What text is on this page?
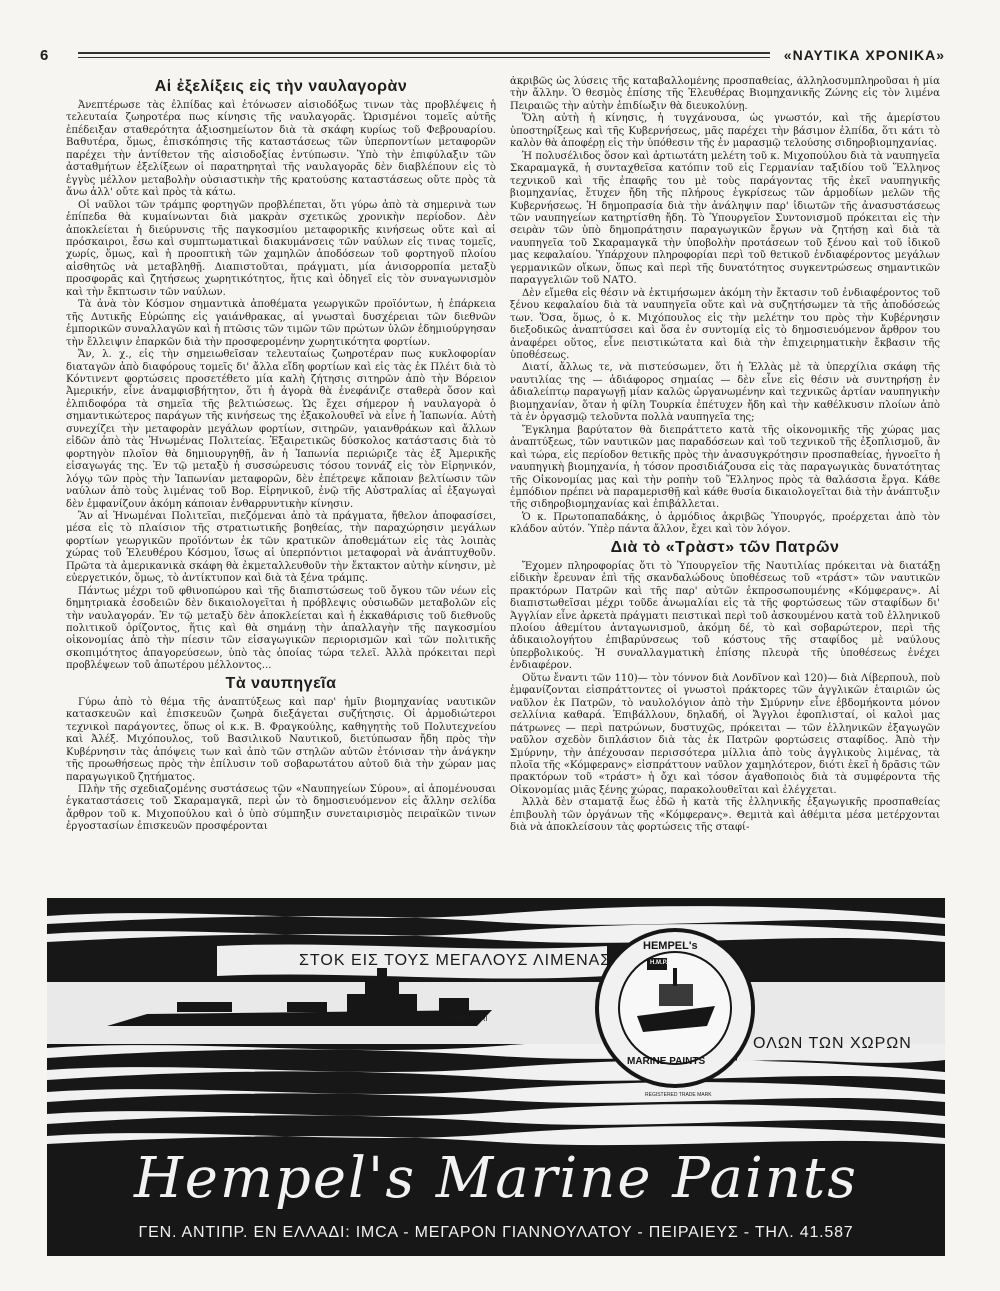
6	«ΝΑΥΤΙΚΑ ΧΡΟΝΙΚΑ»
Αἱ ἐξελίξεις εἰς τὴν ναυλαγορὰν

Ἀνεπτέρωσε τὰς ἐλπίδας καὶ ἐτόνωσεν αἰσιοδόξως τινων τὰς προβλέψεις ἡ τελευταία ζωηροτέρα πως κίνησις τῆς ναυλαγορᾶς. Ὡρισμένοι τομεῖς αὐτῆς ἐπέδειξαν σταθερότητα ἀξιοσημείωτον διὰ τὰ σκάφη κυρίως τοῦ Φεβρουαρίου. Βαθυτέρα, ὅμως, ἐπισκόπησις τῆς καταστάσεως τῶν ὑπερποντίων μεταφορῶν παρέχει τὴν ἀντίθετον τῆς αἰσιοδοξίας ἐντύπωσιν. Ὑπὸ τὴν ἐπιφύλαξιν τῶν ἀσταθμήτων ἐξελίξεων οἱ παρατηρηταὶ τῆς ναυλαγορᾶς δὲν διαβλέπουν εἰς τὸ ἐγγὺς μέλλον μεταβολὴν οὐσιαστικὴν τῆς κρατούσης καταστάσεως οὔτε πρὸς τὰ ἄνω ἀλλ' οὔτε καὶ πρὸς τὰ κάτω.

Οἱ ναῦλοι τῶν τράμπς φορτηγῶν προβλέπεται, ὅτι γύρω ἀπὸ τὰ σημερινὰ των ἐπίπεδα θὰ κυμαίνωνται διὰ μακρὰν σχετικῶς χρονικὴν περίοδον. Δὲν ἀποκλείεται ἡ διεύρυνσις τῆς παγκοσμίου μεταφορικῆς κινήσεως οὔτε καὶ αἱ πρόσκαιροι, ἔσω καὶ συμπτωματικαὶ διακυμάνσεις τῶν ναύλων εἰς τινας τομεῖς, χωρίς, ὅμως, καὶ ἡ προοπτικὴ τῶν χαμηλῶν ἀποδόσεων τοῦ φορτηγοῦ πλοίου αἰσθητῶς νὰ μεταβληθῇ. Διαπιστοῦται, πράγματι, μία ἀνισορροπία μεταξὺ προσφορᾶς καὶ ζητήσεως χωρητικότητος, ἥτις καὶ ὁδηγεῖ εἰς τὸν συναγωνισμὸν καὶ τὴν ἔκπτωσιν τῶν ναύλων.

Τὰ ἀνὰ τὸν Κόσμον σημαντικὰ ἀποθέματα γεωργικῶν προϊόντων, ἡ ἐπάρκεια τῆς Δυτικῆς Εὐρώπης εἰς γαιάνθρακας, αἱ γνωσταὶ δυσχέρειαι τῶν διεθνῶν ἐμπορικῶν συναλλαγῶν καὶ ἡ πτῶσις τῶν τιμῶν τῶν πρώτων ὑλῶν ἐδημιούργησαν τὴν ἔλλειψιν ἐπαρκῶν διὰ τὴν προσφερομένην χωρητικότητα φορτίων.

Ἄν, λ. χ., εἰς τὴν σημειωθεῖσαν τελευταίως ζωηροτέραν πως κυκλοφορίαν διαταγῶν ἀπὸ διαφόρους τομεῖς δι' ἄλλα εἴδη φορτίων καὶ εἰς τὰς ἐκ Πλέιτ διὰ τὸ Κόντινεντ φορτώσεις προσετέθετο μία καλὴ ζήτησις σιτηρῶν ἀπὸ τὴν Βόρειον Ἀμερικήν, εἶνε ἀναμφισβήτητον, ὅτι ἡ ἀγορὰ θὰ ἐνεφάνιζε σταθερὰ ὅσον καὶ ἐλπιδοφόρα τὰ σημεῖα τῆς βελτιώσεως. Ὡς ἔχει σήμερον ἡ ναυλαγορὰ ὁ σημαντικώτερος παράγων τῆς κινήσεως της ἐξακολουθεῖ νὰ εἶνε ἡ Ἰαπωνία. Αὐτὴ συνεχίζει τὴν μεταφορὰν μεγάλων φορτίων, σιτηρῶν, γαιανθράκων καὶ ἄλλων εἰδῶν ἀπὸ τὰς Ἡνωμένας Πολιτείας. Ἐξαιρετικῶς δύσκολος κατάστασις διὰ τὸ φορτηγὸν πλοῖον θὰ δημιουργηθῇ, ἂν ἡ Ἰαπωνία περιώριζε τὰς ἐξ Ἀμερικῆς εἰσαγωγάς της. Ἐν τῷ μεταξὺ ἡ συσσώρευσις τόσου τοννάζ εἰς τὸν Εἰρηνικόν, λόγῳ τῶν πρὸς τὴν Ἰαπωνίαν μεταφορῶν, δὲν ἐπέτρεψε κἄποιαν βελτίωσιν τῶν ναύλων ἀπὸ τοὺς λιμένας τοῦ Βορ. Εἰρηνικοῦ, ἐνῷ τῆς Αὐστραλίας αἱ ἐξαγωγαὶ δὲν ἐμφανίζουν ἀκόμη κάποιαν ἐνθαρρυντικὴν κίνησιν.

Ἂν αἱ Ἡνωμέναι Πολιτεῖαι, πιεζόμεναι ἀπὸ τὰ πράγματα, ἤθελον ἀποφασίσει, μέσα εἰς τὸ πλαίσιον τῆς στρατιωτικῆς βοηθείας, τὴν παραχώρησιν μεγάλων φορτίων γεωργικῶν προϊόντων ἐκ τῶν κρατικῶν ἀποθεμάτων εἰς τὰς λοιπὰς χώρας τοῦ Ἐλευθέρου Κόσμου, ἴσως αἱ ὑπερπόντιοι μεταφοραὶ νὰ ἀνάπτυχθοῦν. Πρῶτα τὰ ἀμερικανικὰ σκάφη θὰ ἐκμεταλλευθοῦν τὴν ἔκτακτον αὐτὴν κίνησιν, μὲ εὐεργετικόν, ὅμως, τὸ ἀντίκτυπον καὶ διὰ τὰ ξένα τράμπς.

Πάντως μέχρι τοῦ φθινοπώρου καὶ τῆς διαπιστώσεως τοῦ ὄγκου τῶν νέων εἰς δημητριακὰ ἐσοδειῶν δὲν δικαιολογεῖται ἡ πρόβλεψις οὐσιωδῶν μεταβολῶν εἰς τὴν ναυλαγοράν. Ἐν τῷ μεταξὺ δὲν ἀποκλείεται καὶ ἡ ἐκκαθάρισις τοῦ διεθνοῦς πολιτικοῦ ὁρίζοντος, ἥτις καὶ θὰ σημάνῃ τὴν ἀπαλλαγὴν τῆς παγκοσμίου οἰκονομίας ἀπὸ τὴν πίεσιν τῶν εἰσαγωγικῶν περιορισμῶν καὶ τῶν πολιτικῆς σκοπιμότητος ἀπαγορεύσεων, ὑπὸ τὰς ὁποίας τώρα τελεῖ. Ἀλλὰ πρόκειται περὶ προβλέψεων τοῦ ἀπωτέρου μέλλοντος...

Τὰ ναυπηγεῖα

Γύρω ἀπὸ τὸ θέμα τῆς ἀναπτύξεως καὶ παρ' ἡμῖν βιομηχανίας ναυτικῶν κατασκευῶν καὶ ἐπισκευῶν ζωηρὰ διεξάγεται συζήτησις. Οἱ ἁρμοδιώτεροι τεχνικοὶ παράγοντες, ὅπως οἱ κ.κ. Β. Φραγκούλης, καθηγητὴς τοῦ Πολυτεχνείου καὶ Ἀλέξ. Μιχόπουλος, τοῦ Βασιλικοῦ Ναυτικοῦ, διετύπωσαν ἤδη πρὸς τὴν Κυβέρνησιν τὰς ἀπόψεις των καὶ ἀπὸ τῶν στηλῶν αὐτῶν ἐτόνισαν τὴν ἀνάγκην τῆς προωθήσεως πρὸς τὴν ἐπίλυσιν τοῦ σοβαρωτάτου αὐτοῦ διὰ τὴν χώραν μας παραγωγικοῦ ζητήματος.

Πλὴν τῆς σχεδιαζομένης συστάσεως τῶν «Ναυπηγείων Σύρου», αἱ ἀπομένουσαι ἐγκαταστάσεις τοῦ Σκαραμαγκᾶ, περὶ ὧν τὸ δημοσιευόμενον εἰς ἄλλην σελίδα ἄρθρον τοῦ κ. Μιχοπούλου καὶ ὁ ὑπὸ σύμπηξιν συνεταιρισμὸς πειραϊκῶν τινων ἐργοστασίων ἐπισκευῶν προσφέρονται

ἀκριβῶς ὡς λύσεις τῆς καταβαλλομένης προσπαθείας, ἀλληλοσυμπληροῦσαι ἡ μία τὴν ἄλλην. Ὁ θεσμὸς ἐπίσης τῆς Ἐλευθέρας Βιομηχανικῆς Ζώνης εἰς τὸν λιμένα Πειραιῶς τὴν αὐτὴν ἐπιδίωξιν θὰ διευκολύνῃ.

Ὅλη αὐτὴ ἡ κίνησις, ἡ τυγχάνουσα, ὡς γνωστόν, καὶ τῆς ἀμερίστου ὑποστηρίξεως καὶ τῆς Κυβερνήσεως, μᾶς παρέχει τὴν βάσιμον ἐλπίδα, ὅτι κάτι τὸ καλὸν θὰ ἀποφέρῃ εἰς τὴν ὑπόθεσιν τῆς ἐν μαρασμῷ τελούσης σιδηροβιομηχανίας.

Ἡ πολυσέλιδος ὅσον καὶ ἀρτιωτάτη μελέτη τοῦ κ. Μιχοπούλου διὰ τὰ ναυπηγεῖα Σκαραμαγκᾶ, ἡ συνταχθεῖσα κατόπιν τοῦ εἰς Γερμανίαν ταξιδίου τοῦ Ἕλληνος τεχνικοῦ καὶ τῆς ἐπαφῆς του μὲ τοὺς παράγοντας τῆς ἐκεῖ ναυπηγικῆς βιομηχανίας, ἔτυχεν ἤδη τῆς πλήρους ἐγκρίσεως τῶν ἁρμοδίων μελῶν τῆς Κυβερνήσεως. Ἡ δημοπρασία διὰ τὴν ἀνάληψιν παρ' ἰδιωτῶν τῆς ἀνασυστάσεως τῶν ναυπηγείων κατηρτίσθη ἤδη. Τὸ Ὑπουργεῖον Συντονισμοῦ πρόκειται εἰς τὴν σειρὰν τῶν ὑπὸ δημοπράτησιν παραγωγικῶν ἔργων νὰ ζητήσῃ καὶ διὰ τὰ ναυπηγεῖα τοῦ Σκαραμαγκᾶ τὴν ὑποβολὴν προτάσεων τοῦ ξένου καὶ τοῦ ἰδικοῦ μας κεφαλαίου. Ὑπάρχουν πληροφορίαι περὶ τοῦ θετικοῦ ἐνδιαφέροντος μεγάλων γερμανικῶν οἴκων, ὅπως καὶ περὶ τῆς δυνατότητος συγκεντρώσεως σημαντικῶν παραγγελιῶν τοῦ ΝΑΤΟ.

Δὲν εἴμεθα εἰς θέσιν νὰ ἐκτιμήσωμεν ἀκόμη τὴν ἔκτασιν τοῦ ἐνδιαφέροντος τοῦ ξένου κεφαλαίου διὰ τὰ ναυπηγεῖα οὔτε καὶ νὰ συζητήσωμεν τὰ τῆς ἀποδόσεώς των. Ὅσα, ὅμως, ὁ κ. Μιχόπουλος εἰς τὴν μελέτην του πρὸς τὴν Κυβέρνησιν διεξοδικῶς ἀναπτύσσει καὶ ὅσα ἐν συντομίᾳ εἰς τὸ δημοσιευόμενον ἄρθρον του ἀναφέρει οὕτος, εἶνε πειστικώτατα καὶ διὰ τὴν ἐπιχειρηματικὴν ἔκβασιν τῆς ὑποθέσεως.

Διατί, ἄλλως τε, νὰ πιστεύσωμεν, ὅτι ἡ Ἑλλὰς μὲ τὰ ὑπερχίλια σκάφη τῆς ναυτιλίας της — ἀδιάφορος σημαίας — δὲν εἶνε εἰς θέσιν νὰ συντηρήσῃ ἐν ἀδιαλείπτῳ παραγωγῇ μίαν καλῶς ὠργανωμένην καὶ τεχνικῶς ἀρτίαν ναυπηγικὴν βιομηχανίαν, ὅταν ἡ φίλη Τουρκία ἐπέτυχεν ἤδη καὶ τὴν καθέλκυσιν πλοίων ἀπὸ τὰ ἐν ὀργασμῷ τελοῦντα πολλὰ ναυπηγεῖα της;

Ἔγκλημα βαρύτατον θὰ διεπράττετο κατὰ τῆς οἰκονομικῆς τῆς χώρας μας ἀναπτύξεως, τῶν ναυτικῶν μας παραδόσεων καὶ τοῦ τεχνικοῦ τῆς ἐξοπλισμοῦ, ἂν καὶ τώρα, εἰς περίοδον θετικῆς πρὸς τὴν ἀνασυγκρότησιν προσπαθείας, ἠγνοεῖτο ἡ ναυπηγικὴ βιομηχανία, ἡ τόσον προσιδιάζουσα εἰς τὰς παραγωγικὰς δυνατότητας τῆς Οἰκονομίας μας καὶ τὴν ροπὴν τοῦ Ἕλληνος πρὸς τὰ θαλάσσια ἔργα. Κάθε ἐμπόδιον πρέπει νὰ παραμερισθῇ καὶ κάθε θυσία δικαιολογεῖται διὰ τὴν ἀνάπτυξιν τῆς σιδηροβιομηχανίας καὶ ἐπιβάλλεται.

Ὁ κ. Πρωτοπαπαδάκης, ὁ ἁρμόδιος ἀκριβῶς Ὑπουργός, προέρχεται ἀπὸ τὸν κλάδον αὐτόν. Ὑπὲρ πάντα ἄλλον, ἔχει καὶ τὸν λόγον.

Διὰ τὸ «Τρὰστ» τῶν Πατρῶν

Ἔχομεν πληροφορίας ὅτι τὸ Ὑπουργεῖον τῆς Ναυτιλίας πρόκειται νὰ διατάξῃ εἰδικὴν ἔρευναν ἐπὶ τῆς σκανδαλώδους ὑποθέσεως τοῦ «τράστ» τῶν ναυτικῶν πρακτόρων Πατρῶν καὶ τῆς παρ' αὐτῶν ἐκπροσωπουμένης «Κόμφερανς». Αἱ διαπιστωθεῖσαι μέχρι τοῦδε ἀνωμαλίαι εἰς τὰ τῆς φορτώσεως τῶν σταφίδων δι' Ἀγγλίαν εἶνε ἀρκετὰ πράγματι πειστικαὶ περὶ τοῦ ἀσκουμένου κατὰ τοῦ ἑλληνικοῦ πλοίου ἀθεμίτου ἀνταγωνισμοῦ, ἀκόμη δέ, τὸ καὶ σοβαρώτερον, περὶ τῆς ἀδικαιολογήτου ἐπιβαρύνσεως τοῦ κόστους τῆς σταφίδος μὲ ναύλους ὑπερβολικούς. Ἡ συναλλαγματικὴ ἐπίσης πλευρὰ τῆς ὑποθέσεως ἐνέχει ἐνδιαφέρον.

Οὕτω ἔναντι τῶν 110)— τὸν τόννον διὰ Λονδῖνον καὶ 120)— διὰ Λίβερπουλ, ποὺ ἐμφανίζονται εἰσπράττοντες οἱ γνωστοὶ πράκτορες τῶν ἀγγλικῶν ἑταιριῶν ὡς ναῦλον ἐκ Πατρῶν, τὸ ναυλολόγιον ἀπὸ τὴν Σμύρνην εἶνε ἑβδομήκοντα μόνον σελλίνια καθαρά. Ἐπιβάλλουν, δηλαδή, οἱ Ἄγγλοι ἐφοπλισταί, οἱ καλοὶ μας πάτρωνες — περὶ πατρώνων, δυστυχῶς, πρόκειται — τῶν ἑλληνικῶν ἐξαγωγῶν ναῦλον σχεδὸν διπλάσιον διὰ τὰς ἐκ Πατρῶν φορτώσεις σταφίδος. Ἀπὸ τὴν Σμύρνην, τὴν ἀπέχουσαν περισσότερα μίλλια ἀπὸ τοὺς ἀγγλικοὺς λιμένας, τὰ πλοῖα τῆς «Κόμφερανς» εἰσπράττουν ναῦλον χαμηλότερον, διότι ἐκεῖ ἡ δρᾶσις τῶν πρακτόρων τοῦ «τράστ» ἡ ὄχι καὶ τόσον ἀγαθοποιὸς διὰ τὰ συμφέροντα τῆς Οἰκονομίας μιᾶς ξένης χώρας, παρακολουθεῖται καὶ ἐλέγχεται.

Ἀλλὰ δὲν σταματᾷ ἕως ἐδῶ ἡ κατὰ τῆς ἑλληνικῆς ἐξαγωγικῆς προσπαθείας ἐπιβουλὴ τῶν ὀργάνων τῆς «Κόμφερανς». Θεμιτὰ καὶ ἀθέμιτα μέσα μετέρχονται διὰ νὰ ἀποκλείσουν τὰς φορτώσεις τῆς σταφί-

ΣΤΟΚ ΕΙΣ ΤΟΥΣ ΜΕΓΑΛΟΥΣ ΛΙΜΕΝΑΣ
ΟΛΩΝ ΤΩΝ ΧΩΡΩΝ
HEMPEL's
H.M.P.
MARINE PAINTS
REGISTERED TRADE MARK
HEMPATORI
Hempel's Marine Paints
ΓΕΝ. ΑΝΤΙΠΡ. ΕΝ ΕΛΛΑΔΙ: IMCA - ΜΕΓΑΡΟΝ ΓΙΑΝΝΟΥΛΑΤΟΥ - ΠΕΙΡΑΙΕΥΣ - ΤΗΛ. 41.587
